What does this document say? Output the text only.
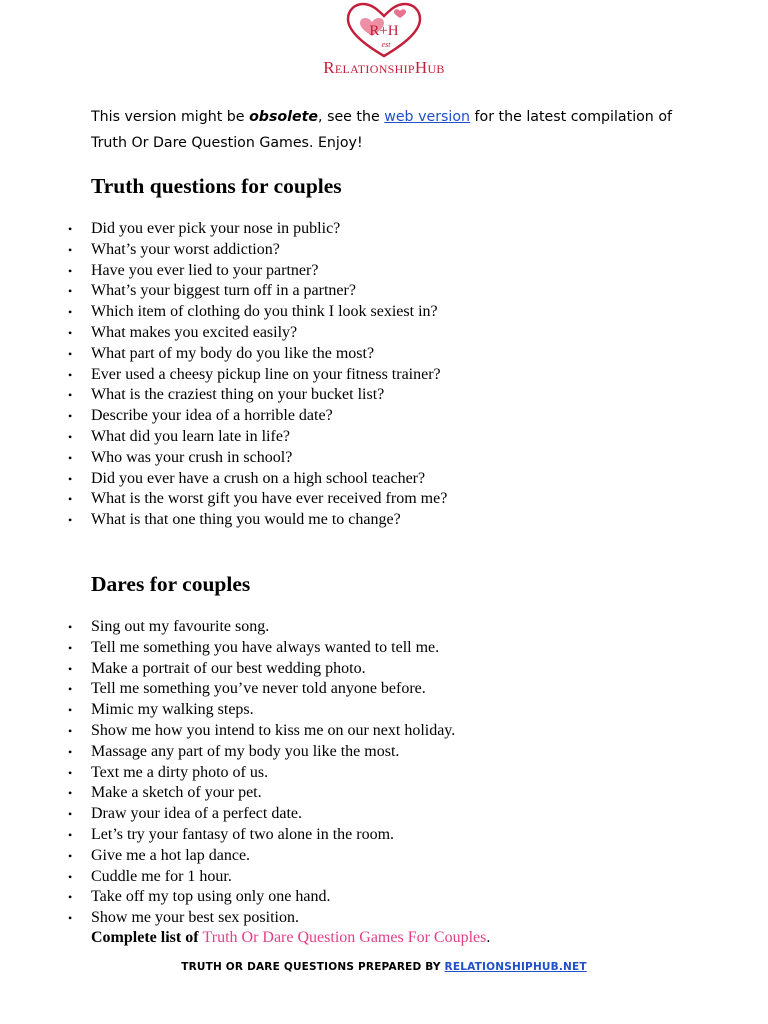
R+H
est
RelationshipHub
This version might be obsolete, see the web version for the latest compilation of Truth Or Dare Question Games. Enjoy!
Truth questions for couples
• Did you ever pick your nose in public?
• What’s your worst addiction?
• Have you ever lied to your partner?
• What’s your biggest turn off in a partner?
• Which item of clothing do you think I look sexiest in?
• What makes you excited easily?
• What part of my body do you like the most?
• Ever used a cheesy pickup line on your fitness trainer?
• What is the craziest thing on your bucket list?
• Describe your idea of a horrible date?
• What did you learn late in life?
• Who was your crush in school?
• Did you ever have a crush on a high school teacher?
• What is the worst gift you have ever received from me?
• What is that one thing you would me to change?
Dares for couples
• Sing out my favourite song.
• Tell me something you have always wanted to tell me.
• Make a portrait of our best wedding photo.
• Tell me something you’ve never told anyone before.
• Mimic my walking steps.
• Show me how you intend to kiss me on our next holiday.
• Massage any part of my body you like the most.
• Text me a dirty photo of us.
• Make a sketch of your pet.
• Draw your idea of a perfect date.
• Let’s try your fantasy of two alone in the room.
• Give me a hot lap dance.
• Cuddle me for 1 hour.
• Take off my top using only one hand.
• Show me your best sex position.
Complete list of Truth Or Dare Question Games For Couples.
TRUTH OR DARE QUESTIONS PREPARED BY RELATIONSHIPHUB.NET
